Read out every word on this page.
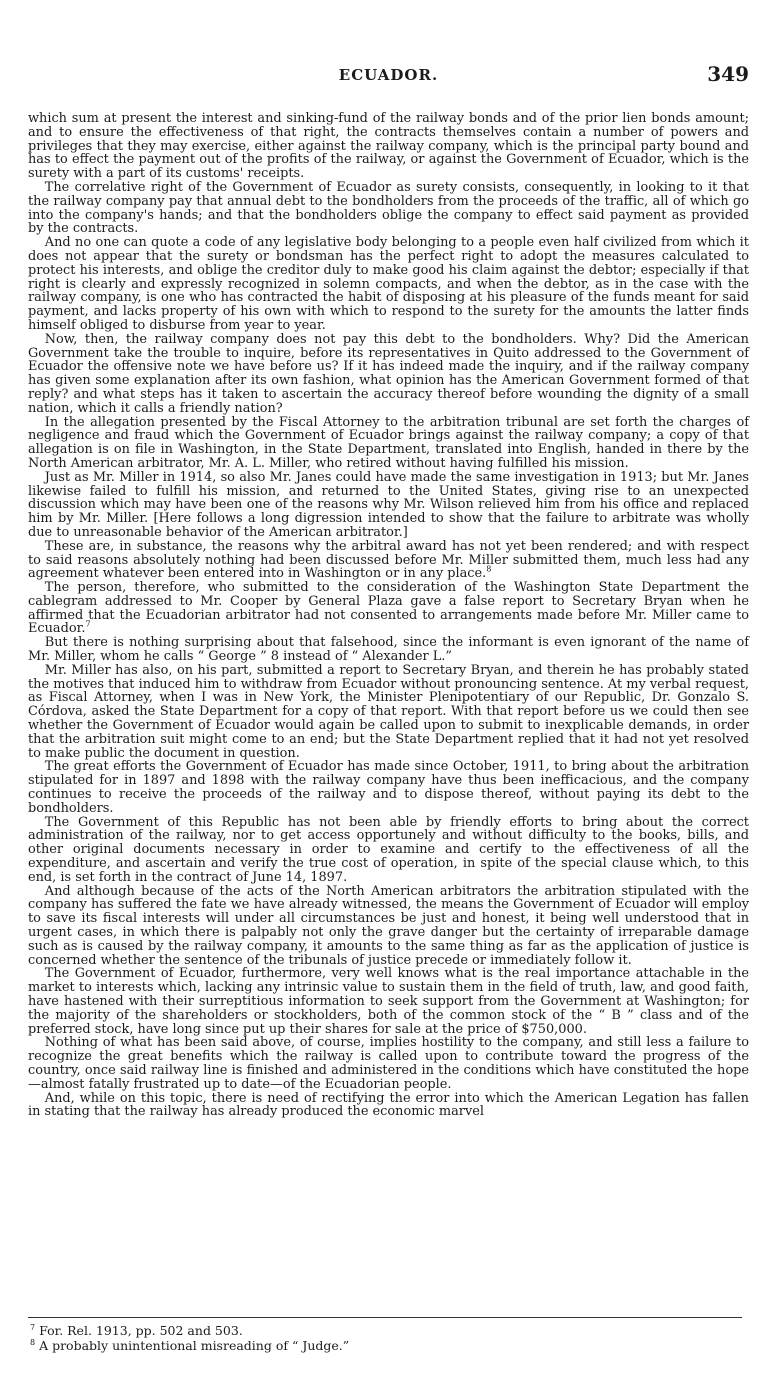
ECUADOR.	349

which sum at present the interest and sinking-fund of the railway bonds and of the prior lien bonds amount; and to ensure the effectiveness of that right, the contracts themselves contain a number of powers and privileges that they may exercise, either against the railway company, which is the principal party bound and has to effect the payment out of the profits of the railway, or against the Government of Ecuador, which is the surety with a part of its customs' receipts.

The correlative right of the Government of Ecuador as surety consists, consequently, in looking to it that the railway company pay that annual debt to the bondholders from the proceeds of the traffic, all of which go into the company's hands; and that the bondholders oblige the company to effect said payment as provided by the contracts.

And no one can quote a code of any legislative body belonging to a people even half civilized from which it does not appear that the surety or bondsman has the perfect right to adopt the measures calculated to protect his interests, and oblige the creditor duly to make good his claim against the debtor; especially if that right is clearly and expressly recognized in solemn compacts, and when the debtor, as in the case with the railway company, is one who has contracted the habit of disposing at his pleasure of the funds meant for said payment, and lacks property of his own with which to respond to the surety for the amounts the latter finds himself obliged to disburse from year to year.

Now, then, the railway company does not pay this debt to the bondholders. Why? Did the American Government take the trouble to inquire, before its representatives in Quito addressed to the Government of Ecuador the offensive note we have before us? If it has indeed made the inquiry, and if the railway company has given some explanation after its own fashion, what opinion has the American Government formed of that reply? and what steps has it taken to ascertain the accuracy thereof before wounding the dignity of a small nation, which it calls a friendly nation?

In the allegation presented by the Fiscal Attorney to the arbitration tribunal are set forth the charges of negligence and fraud which the Government of Ecuador brings against the railway company; a copy of that allegation is on file in Washington, in the State Department, translated into English, handed in there by the North American arbitrator, Mr. A. L. Miller, who retired without having fulfilled his mission.

Just as Mr. Miller in 1914, so also Mr. Janes could have made the same investigation in 1913; but Mr. Janes likewise failed to fulfill his mission, and returned to the United States, giving rise to an unexpected discussion which may have been one of the reasons why Mr. Wilson relieved him from his office and replaced him by Mr. Miller. [Here follows a long digression intended to show that the failure to arbitrate was wholly due to unreasonable behavior of the American arbitrator.]

These are, in substance, the reasons why the arbitral award has not yet been rendered; and with respect to said reasons absolutely nothing had been discussed before Mr. Miller submitted them, much less had any agreement whatever been entered into in Washington or in any place.$^8$

The person, therefore, who submitted to the consideration of the Washington State Department the cablegram addressed to Mr. Cooper by General Plaza gave a false report to Secretary Bryan when he affirmed that the Ecuadorian arbitrator had not consented to arrangements made before Mr. Miller came to Ecuador.$^7$

But there is nothing surprising about that falsehood, since the informant is even ignorant of the name of Mr. Miller, whom he calls “ George ” 8 instead of “ Alexander L.”

Mr. Miller has also, on his part, submitted a report to Secretary Bryan, and therein he has probably stated the motives that induced him to withdraw from Ecuador without pronouncing sentence. At my verbal request, as Fiscal Attorney, when I was in New York, the Minister Plenipotentiary of our Republic, Dr. Gonzalo S. Córdova, asked the State Department for a copy of that report. With that report before us we could then see whether the Government of Ecuador would again be called upon to submit to inexplicable demands, in order that the arbitration suit might come to an end; but the State Department replied that it had not yet resolved to make public the document in question.

The great efforts the Government of Ecuador has made since October, 1911, to bring about the arbitration stipulated for in 1897 and 1898 with the railway company have thus been inefficacious, and the company continues to receive the proceeds of the railway and to dispose thereof, without paying its debt to the bondholders.

The Government of this Republic has not been able by friendly efforts to bring about the correct administration of the railway, nor to get access opportunely and without difficulty to the books, bills, and other original documents necessary in order to examine and certify to the effectiveness of all the expenditure, and ascertain and verify the true cost of operation, in spite of the special clause which, to this end, is set forth in the contract of June 14, 1897.

And although because of the acts of the North American arbitrators the arbitration stipulated with the company has suffered the fate we have already witnessed, the means the Government of Ecuador will employ to save its fiscal interests will under all circumstances be just and honest, it being well understood that in urgent cases, in which there is palpably not only the grave danger but the certainty of irreparable damage such as is caused by the railway company, it amounts to the same thing as far as the application of justice is concerned whether the sentence of the tribunals of justice precede or immediately follow it.

The Government of Ecuador, furthermore, very well knows what is the real importance attachable in the market to interests which, lacking any intrinsic value to sustain them in the field of truth, law, and good faith, have hastened with their surreptitious information to seek support from the Government at Washington; for the majority of the shareholders or stockholders, both of the common stock of the “ B ” class and of the preferred stock, have long since put up their shares for sale at the price of $750,000.

Nothing of what has been said above, of course, implies hostility to the company, and still less a failure to recognize the great benefits which the railway is called upon to contribute toward the progress of the country, once said railway line is finished and administered in the conditions which have constituted the hope—almost fatally frustrated up to date—of the Ecuadorian people.

And, while on this topic, there is need of rectifying the error into which the American Legation has fallen in stating that the railway has already produced the economic marvel

$^7$ For. Rel. 1913, pp. 502 and 503.

$^8$ A probably unintentional misreading of “ Judge.”
